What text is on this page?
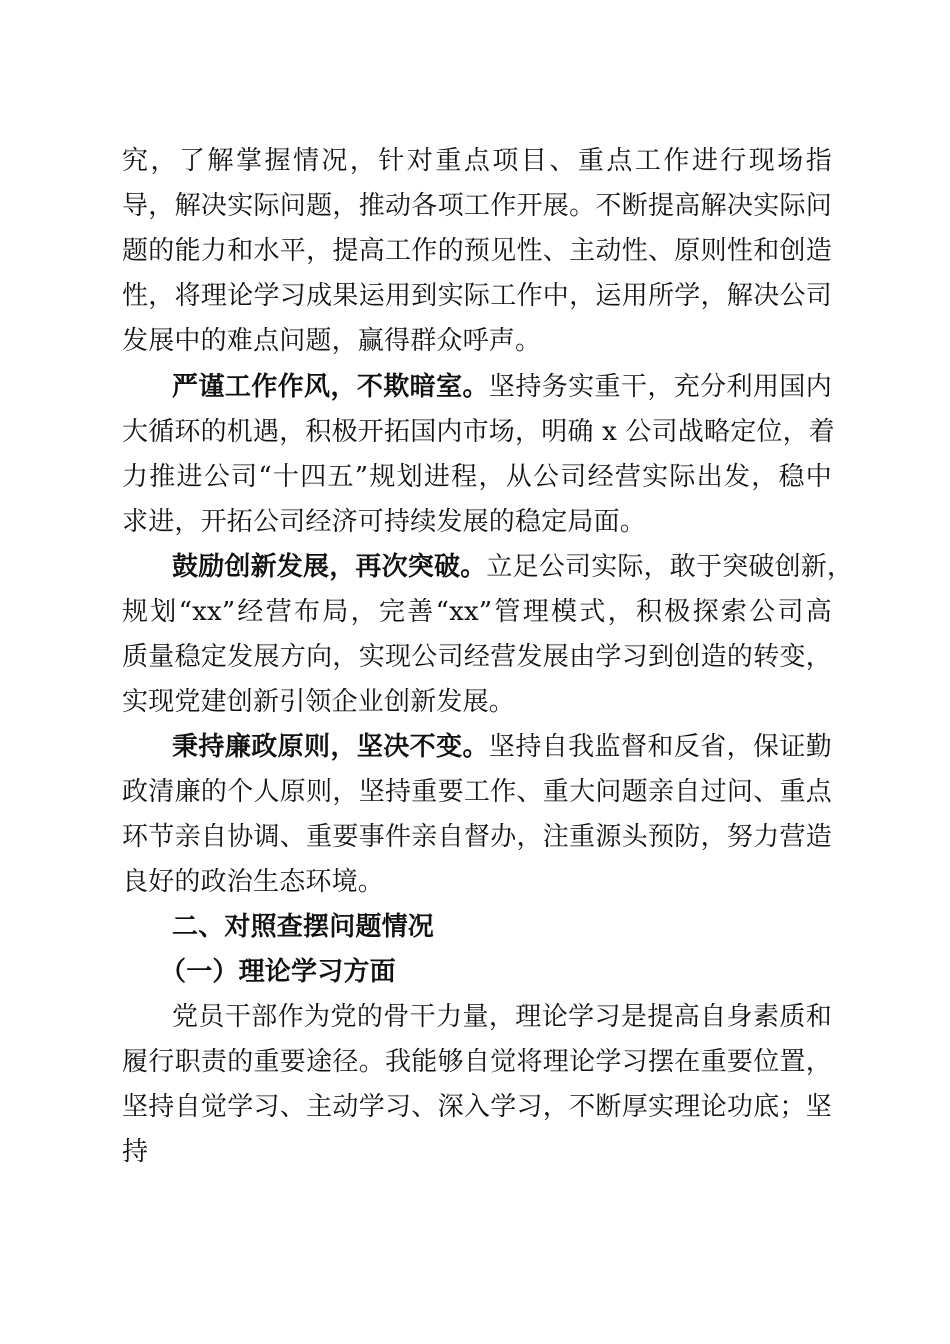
究，了解掌握情况，针对重点项目、重点工作进行现场指
导，解决实际问题，推动各项工作开展。不断提高解决实际问
题的能力和水平，提高工作的预见性、主动性、原则性和创造
性，将理论学习成果运用到实际工作中，运用所学，解决公司
发展中的难点问题，赢得群众呼声。
严谨工作作风，不欺暗室。坚持务实重干，充分利用国内
大循环的机遇，积极开拓国内市场，明确 x 公司战略定位，着
力推进公司“十四五”规划进程，从公司经营实际出发，稳中
求进，开拓公司经济可持续发展的稳定局面。
鼓励创新发展，再次突破。立足公司实际，敢于突破创新，
规划“xx”经营布局，完善“xx”管理模式，积极探索公司高
质量稳定发展方向，实现公司经营发展由学习到创造的转变，
实现党建创新引领企业创新发展。
秉持廉政原则，坚决不变。坚持自我监督和反省，保证勤
政清廉的个人原则，坚持重要工作、重大问题亲自过问、重点
环节亲自协调、重要事件亲自督办，注重源头预防，努力营造
良好的政治生态环境。
二、对照查摆问题情况
（一）理论学习方面
党员干部作为党的骨干力量，理论学习是提高自身素质和
履行职责的重要途径。我能够自觉将理论学习摆在重要位置，
坚持自觉学习、主动学习、深入学习，不断厚实理论功底；坚
持
